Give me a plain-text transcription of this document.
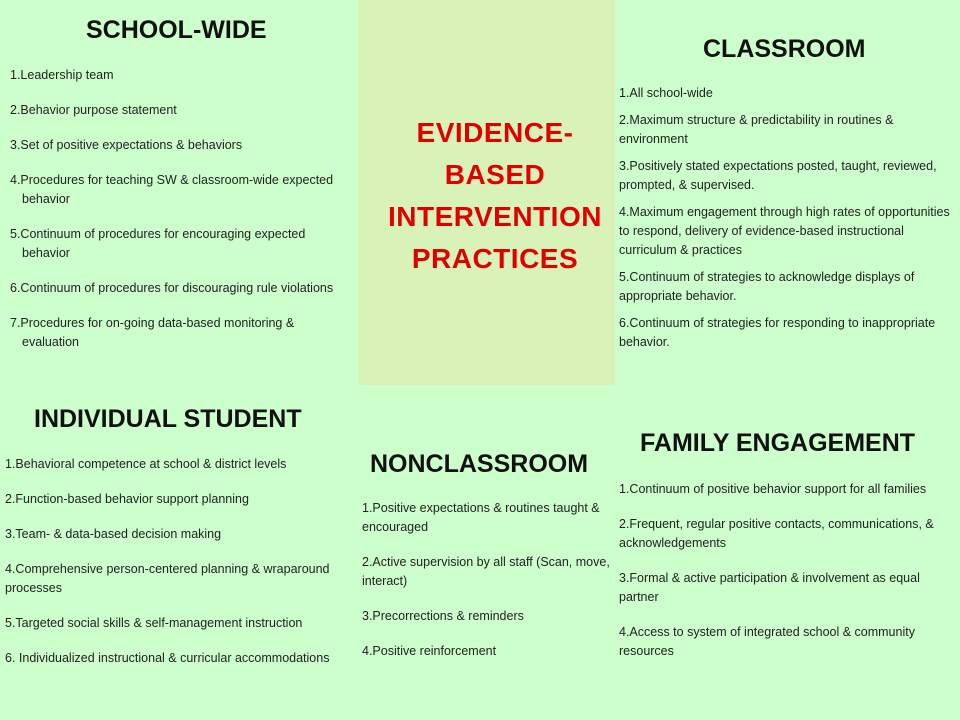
EVIDENCE-
BASED
INTERVENTION
PRACTICES
SCHOOL-WIDE
1.Leadership team
2.Behavior purpose statement
3.Set of positive expectations & behaviors
4.Procedures for teaching SW & classroom-wide expected behavior
5.Continuum of procedures for encouraging expected behavior
6.Continuum of procedures for discouraging rule violations
7.Procedures for on-going data-based monitoring & evaluation
CLASSROOM
1.All school-wide
2.Maximum structure & predictability in routines & environment
3.Positively stated expectations posted, taught, reviewed, prompted, & supervised.
4.Maximum engagement through high rates of opportunities to respond, delivery of evidence-based instructional curriculum & practices
5.Continuum of strategies to acknowledge displays of appropriate behavior.
6.Continuum of strategies for responding to inappropriate behavior.
INDIVIDUAL STUDENT
1.Behavioral competence at school & district levels
2.Function-based behavior support planning
3.Team- & data-based decision making
4.Comprehensive person-centered planning & wraparound processes
5.Targeted social skills & self-management instruction
6. Individualized instructional & curricular accommodations
NONCLASSROOM
1.Positive expectations & routines taught & encouraged
2.Active supervision by all staff (Scan, move, interact)
3.Precorrections & reminders
4.Positive reinforcement
FAMILY ENGAGEMENT
1.Continuum of positive behavior support for all families
2.Frequent, regular positive contacts, communications, & acknowledgements
3.Formal & active participation & involvement as equal partner
4.Access to system of integrated school & community resources
